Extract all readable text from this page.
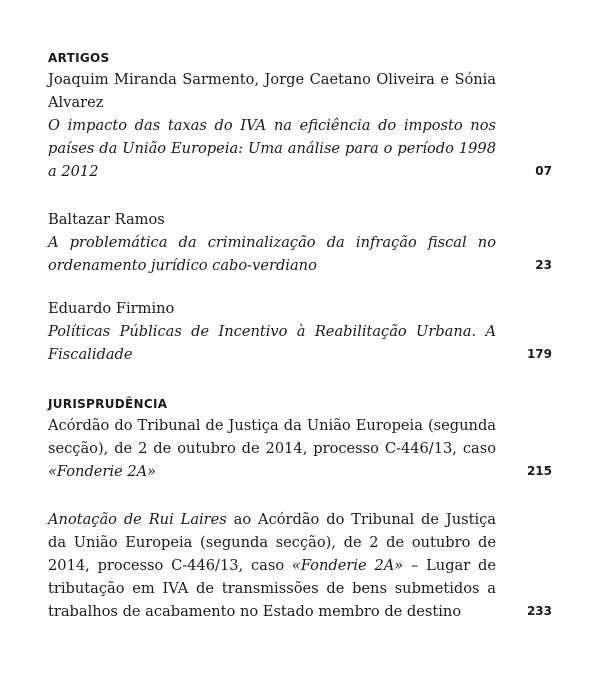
ARTIGOS
Joaquim Miranda Sarmento, Jorge Caetano Oliveira e Sónia Alvarez
O impacto das taxas do IVA na eficiência do imposto nos países da União Europeia: Uma análise para o período 1998 a 2012	07
Baltazar Ramos
A problemática da criminalização da infração fiscal no ordenamento jurídico cabo-verdiano	23
Eduardo Firmino
Políticas Públicas de Incentivo à Reabilitação Urbana. A Fiscalidade	179
JURISPRUDÊNCIA
Acórdão do Tribunal de Justiça da União Europeia (segunda secção), de 2 de outubro de 2014, processo C-446/13, caso «Fonderie 2A»	215
Anotação de Rui Laires ao Acórdão do Tribunal de Justiça da União Europeia (segunda secção), de 2 de outubro de 2014, processo C-446/13, caso «Fonderie 2A» – Lugar de tributação em IVA de transmissões de bens submetidos a trabalhos de acabamento no Estado membro de destino	233
